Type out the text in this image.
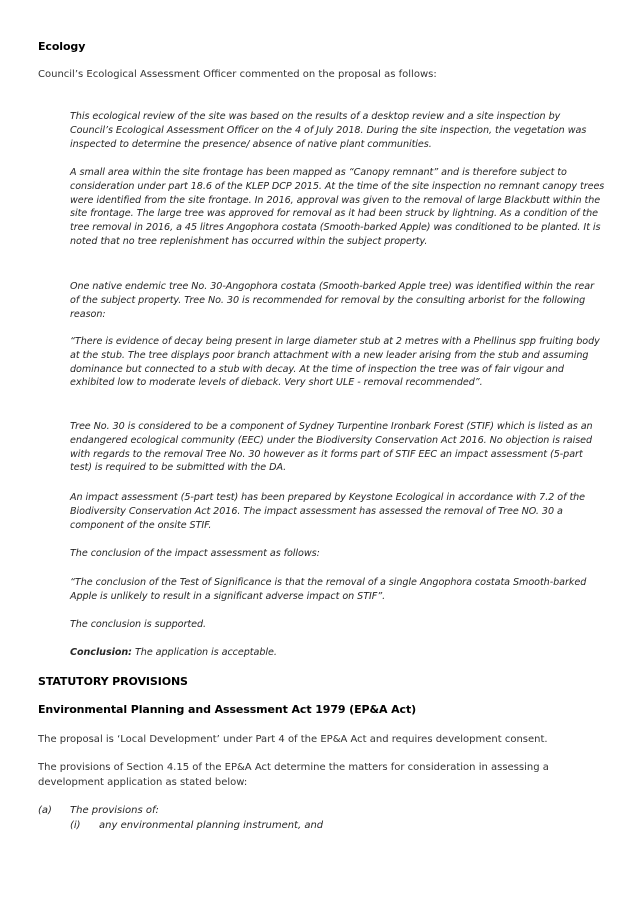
Ecology
Council’s Ecological Assessment Officer commented on the proposal as follows:
This ecological review of the site was based on the results of a desktop review and a site inspection by Council’s Ecological Assessment Officer on the 4 of July 2018. During the site inspection, the vegetation was inspected to determine the presence/ absence of native plant communities.
A small area within the site frontage has been mapped as “Canopy remnant” and is therefore subject to consideration under part 18.6 of the KLEP DCP 2015. At the time of the site inspection no remnant canopy trees were identified from the site frontage. In 2016, approval was given to the removal of large Blackbutt within the site frontage. The large tree was approved for removal as it had been struck by lightning. As a condition of the tree removal in 2016, a 45 litres Angophora costata (Smooth-barked Apple) was conditioned to be planted. It is noted that no tree replenishment has occurred within the subject property.
One native endemic tree No. 30-Angophora costata (Smooth-barked Apple tree) was identified within the rear of the subject property. Tree No. 30 is recommended for removal by the consulting arborist for the following reason:
“There is evidence of decay being present in large diameter stub at 2 metres with a Phellinus spp fruiting body at the stub. The tree displays poor branch attachment with a new leader arising from the stub and assuming dominance but connected to a stub with decay. At the time of inspection the tree was of fair vigour and exhibited low to moderate levels of dieback. Very short ULE - removal recommended”.
Tree No. 30 is considered to be a component of Sydney Turpentine Ironbark Forest (STIF) which is listed as an endangered ecological community (EEC) under the Biodiversity Conservation Act 2016. No objection is raised with regards to the removal Tree No. 30 however as it forms part of STIF EEC an impact assessment (5-part test) is required to be submitted with the DA.
An impact assessment (5-part test) has been prepared by Keystone Ecological in accordance with 7.2 of the Biodiversity Conservation Act 2016. The impact assessment has assessed the removal of Tree NO. 30 a component of the onsite STIF.
The conclusion of the impact assessment as follows:
“The conclusion of the Test of Significance is that the removal of a single Angophora costata Smooth-barked Apple is unlikely to result in a significant adverse impact on STIF”.
The conclusion is supported.
Conclusion: The application is acceptable.
STATUTORY PROVISIONS
Environmental Planning and Assessment Act 1979 (EP&A Act)
The proposal is ‘Local Development’ under Part 4 of the EP&A Act and requires development consent.
The provisions of Section 4.15 of the EP&A Act determine the matters for consideration in assessing a development application as stated below:
(a) The provisions of:
(i) any environmental planning instrument, and
